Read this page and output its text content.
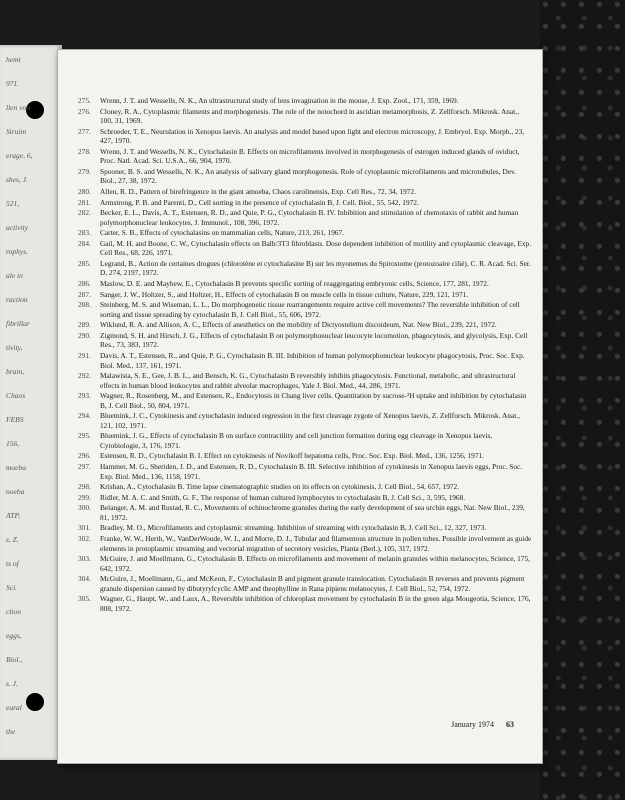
hemi
971.
llen von
Struim
erage, 6,
shes, J.
521,
activity
rophys.
ale in
raction
fibrillar
tivity,
brain,
Chaos
FEBS
156,
moeba
noeba
ATP,
s, Z.
ts of
Sci.
ction
eggs,
Biol.,
s. J.
eural
the
275.	Wrenn, J. T. and Wessells, N. K., An ultrastructural study of lens invagination in the mouse, J. Exp. Zool., 171, 359, 1969.
276.	Cloney, R. A., Cytoplasmic filaments and morphogenesis. The role of the notochord in ascidian metamorphosis, Z. Zellforsch. Mikrosk. Anat., 100, 31, 1969.
277.	Schroeder, T. E., Neurulation in Xenopus laevis. An analysis and model based upon light and electron microscopy, J. Embryol. Exp. Morph., 23, 427, 1970.
278.	Wrenn, J. T. and Wessells, N. K., Cytochalasin B. Effects on microfilaments involved in morphogenesis of estrogen induced glands of oviduct, Proc. Natl. Acad. Sci. U.S.A., 66, 904, 1970.
279.	Spooner, B. S. and Wessells, N. K., An analysis of salivary gland morphogenesis. Role of cytoplasmic microfilaments and microtubules, Dev. Biol., 27, 38, 1972.
280.	Allen, R. D., Pattern of birefringence in the giant amoeba, Chaos carolinensis, Exp. Cell Res., 72, 34, 1972.
281.	Armstrong, P. B. and Parenti, D., Cell sorting in the presence of cytochalasin B, J. Cell. Biol., 55, 542, 1972.
282.	Becker, E. L., Davis, A. T., Estensen, R. D., and Quie, P. G., Cytochalasin B. IV. Inhibition and stimulation of chemotaxis of rabbit and human polymorphonuclear leukocytes, J. Immunol., 108, 396, 1972.
283.	Carter, S. B., Effects of cytochalasins on mammalian cells, Nature, 213, 261, 1967.
284.	Gail, M. H. and Boone, C. W., Cytochalasin effects on Balb/3T3 fibroblasts. Dose dependent inhibition of motility and cytoplasmic cleavage, Exp. Cell Res., 68, 226, 1971.
285.	Legrand, B., Action de certaines drogues (chlorotène et cytochalasine B) sur les myonemes du Spirostome (protozoaire cilié), C. R. Acad. Sci. Ser. D, 274, 2197, 1972.
286.	Maslow, D. E. and Mayhew, E., Cytochalasin B prevents specific sorting of reaggregating embryonic cells, Science, 177, 281, 1972.
287.	Sanger, J. W., Holtzer, S., and Holtzer, H., Effects of cytochalasin B on muscle cells in tissue culture, Nature, 229, 121, 1971.
288.	Steinberg, M. S. and Wiseman, L. L., Do morphogenetic tissue rearrangements require active cell movements? The reversible inhibition of cell sorting and tissue spreading by cytochalasin B, J. Cell Biol., 55, 606, 1972.
289.	Wiklund, R. A. and Allison, A. C., Effects of anesthetics on the mobility of Dictyostelium discoideum, Nat. New Biol., 239, 221, 1972.
290.	Zigmond, S. H. and Hirsch, J. G., Effects of cytochalasin B on polymorphonuclear leucocyte locomotion, phagocytosis, and glycolysis, Exp. Cell Res., 73, 383, 1972.
291.	Davis, A. T., Estensen, R., and Quie, P. G., Cytochalasin B. III. Inhibition of human polymorphonuclear leukocyte phagocytosis, Proc. Soc. Exp. Biol. Med., 137, 161, 1971.
292.	Malawista, S. E., Gee, J. B. L., and Bensch, K. G., Cytochalasin B reversibly inhibits phagocytosis. Functional, metabolic, and ultrastructural effects in human blood leukocytes and rabbit alveolar macrophages, Yale J. Biol. Med., 44, 286, 1971.
293.	Wagner, R., Rosenberg, M., and Estensen, R., Endocytosis in Chang liver cells. Quantitation by sucrose-³H uptake and inhibition by cytochalasin B, J. Cell Biol., 50, 804, 1971.
294.	Bluemink, J. C., Cytokinesis and cytochalasin induced regression in the first cleavage zygote of Xenopus laevis, Z. Zellforsch. Mikrosk. Anat., 121, 102, 1971.
295.	Bluemink, J. G., Effects of cytochalasin B on surface contractility and cell junction formation during egg cleavage in Xenopus laevis, Cytobiologie, 3, 176, 1971.
296.	Estensen, R. D., Cytochalasin B. I. Effect on cytokinesis of Novikoff hepatoma cells, Proc. Soc. Exp. Biol. Med., 136, 1256, 1971.
297.	Hammer, M. G., Sheriden, J. D., and Estensen, R. D., Cytochalasin B. III. Selective inhibition of cytokinesis in Xenopus laevis eggs, Proc. Soc. Exp. Biol. Med., 136, 1158, 1971.
298.	Krishan, A., Cytochalasin B. Time lapse cinematographic studies on its effects on cytokinesis, J. Cell Biol., 54, 657, 1972.
299.	Ridler, M. A. C. and Smith, G. F., The response of human cultured lymphocytes to cytochalasin B, J. Cell Sci., 3, 595, 1968.
300.	Belanger, A. M. and Rustad, R. C., Movements of echinochrome granules during the early development of sea urchin eggs, Nat. New Biol., 239, 81, 1972.
301.	Bradley, M. O., Microfilaments and cytoplasmic streaming. Inhibition of streaming with cytochalasin B, J. Cell Sci., 12, 327, 1973.
302.	Franke, W. W., Herth, W., VanDerWoude, W. J., and Morre, D. J., Tubular and filamentous structure in pollen tubes. Possible involvement as guide elements in protoplasmic streaming and vectorial migration of secretory vesicles, Planta (Berl.), 105, 317, 1972.
303.	McGuire, J. and Moellmann, G., Cytochalasin B. Effects on microfilaments and movement of melanin granules within melanocytes, Science, 175, 642, 1972.
304.	McGuire, J., Moellmann, G., and McKeon, F., Cytochalasin B and pigment granule translocation. Cytochalasin B reverses and prevents pigment granule dispersion caused by dibutyrylcyclic AMP and theophylline in Rana pipiens melanocytes, J. Cell Biol., 52, 754, 1972.
305.	Wagner, G., Haupt, W., and Laux, A., Reversible inhibition of chloroplast movement by cytochalasin B in the green alga Mougeotia, Science, 176, 808, 1972.
January 1974 63
